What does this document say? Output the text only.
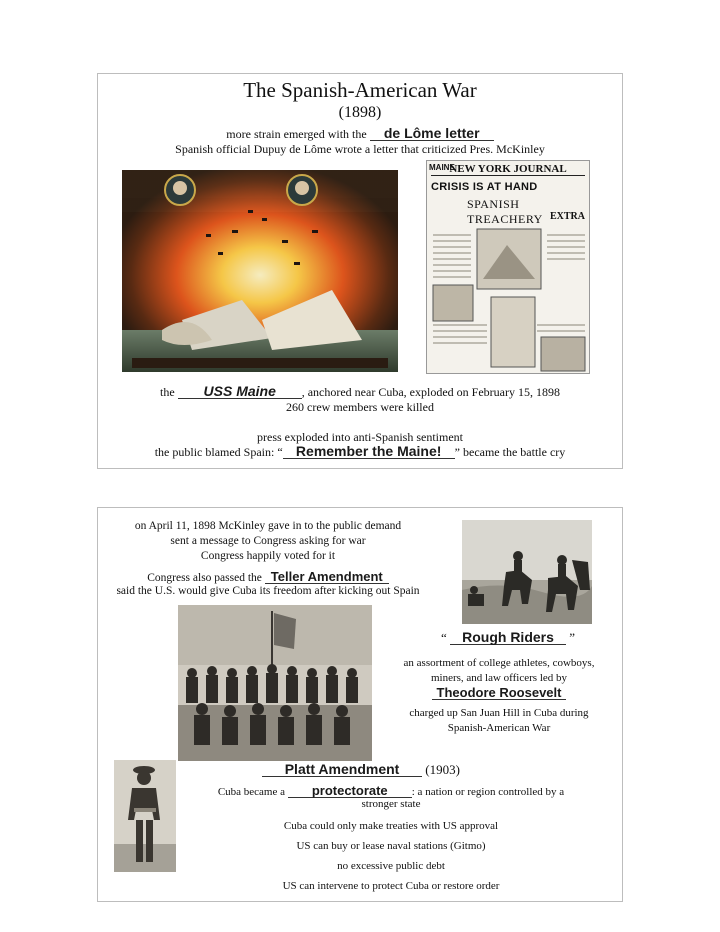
The Spanish-American War
(1898)
more strain emerged with the de Lôme letter
Spanish official Dupuy de Lôme wrote a letter that criticized Pres. McKinley
MAINE
NEW YORK JOURNAL
CRISIS IS AT HAND
SPANISH TREACHERY EXTRA
the USS Maine , anchored near Cuba, exploded on February 15, 1898
260 crew members were killed
press exploded into anti-Spanish sentiment
the public blamed Spain: “ Remember the Maine! ” became the battle cry
on April 11, 1898 McKinley gave in to the public demand
sent a message to Congress asking for war
Congress happily voted for it
Congress also passed the Teller Amendment
said the U.S. would give Cuba its freedom after kicking out Spain
“ Rough Riders ”
an assortment of college athletes, cowboys,
miners, and law officers led by
Theodore Roosevelt
charged up San Juan Hill in Cuba during
Spanish-American War
Platt Amendment (1903)
Cuba became a protectorate : a nation or region controlled by a
stronger state
Cuba could only make treaties with US approval
US can buy or lease naval stations (Gitmo)
no excessive public debt
US can intervene to protect Cuba or restore order
